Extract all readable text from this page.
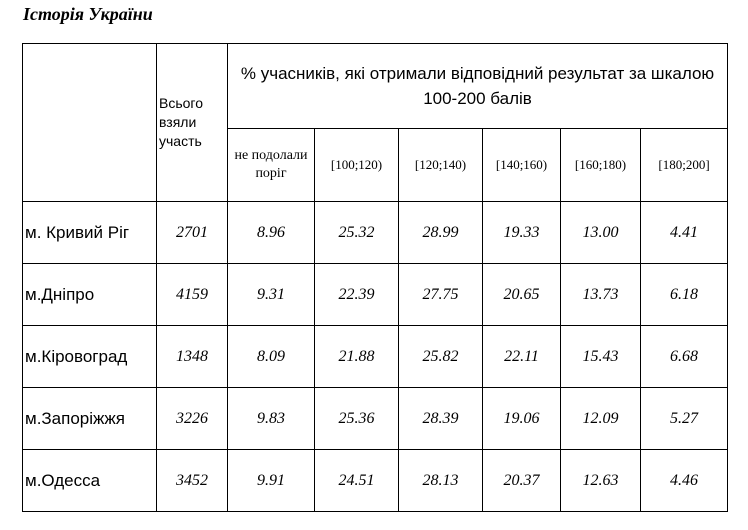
Історія України
	Всього взяли участь	% учасників, які отримали відповідний результат за шкалою 100-200 балів					
		не подолали поріг	[100;120)	[120;140)	[140;160)	[160;180)	[180;200]
м. Кривий Ріг	2701	8.96	25.32	28.99	19.33	13.00	4.41
м.Дніпро	4159	9.31	22.39	27.75	20.65	13.73	6.18
м.Кіровоград	1348	8.09	21.88	25.82	22.11	15.43	6.68
м.Запоріжжя	3226	9.83	25.36	28.39	19.06	12.09	5.27
м.Одесса	3452	9.91	24.51	28.13	20.37	12.63	4.46
